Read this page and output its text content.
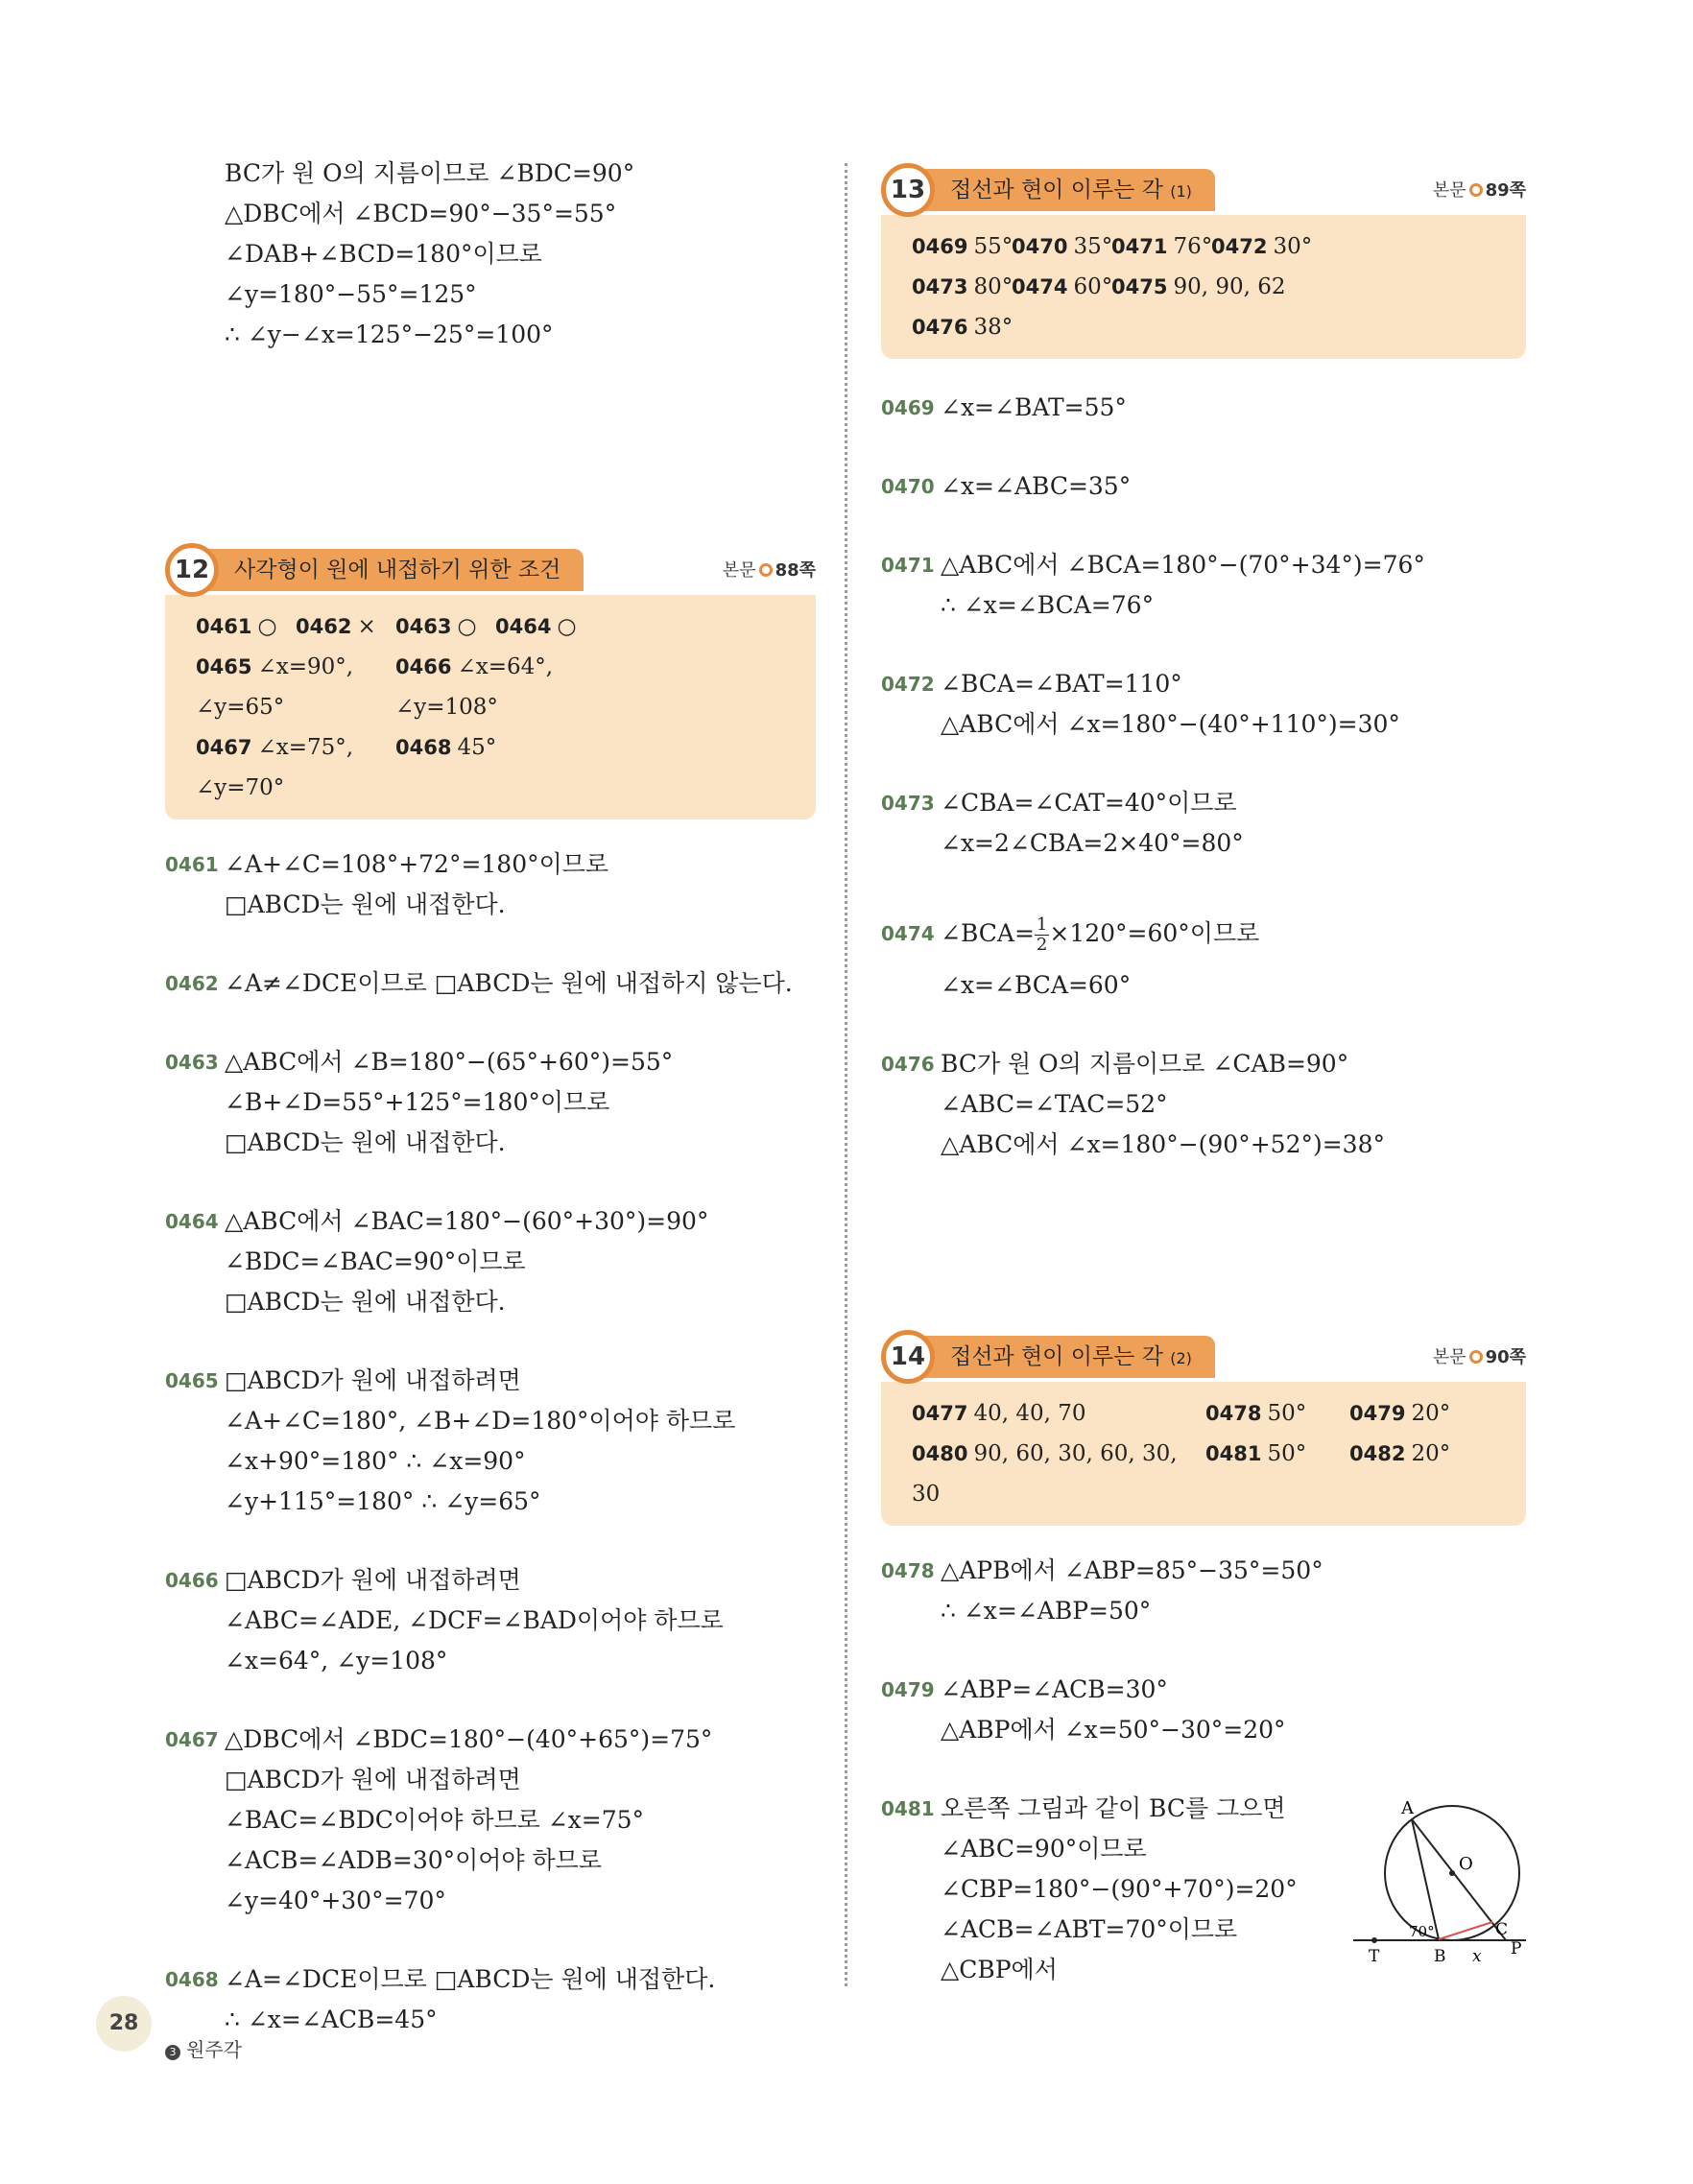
BC가 원 O의 지름이므로 ∠BDC=90°
△DBC에서 ∠BCD=90°−35°=55°
∠DAB+∠BCD=180°이므로
∠y=180°−55°=125°
∴ ∠y−∠x=125°−25°=100°
12	사각형이 원에 내접하기 위한 조건	본문 88쪽
0461 ○ 0462 × 0463 ○ 0464 ○
0465 ∠x=90°, ∠y=65°
0466 ∠x=64°, ∠y=108°
0467 ∠x=75°, ∠y=70°
0468 45°
0461 ∠A+∠C=108°+72°=180°이므로
□ABCD는 원에 내접한다.
0462 ∠A≠∠DCE이므로 □ABCD는 원에 내접하지 않는다.
0463 △ABC에서 ∠B=180°−(65°+60°)=55°
∠B+∠D=55°+125°=180°이므로
□ABCD는 원에 내접한다.
0464 △ABC에서 ∠BAC=180°−(60°+30°)=90°
∠BDC=∠BAC=90°이므로
□ABCD는 원에 내접한다.
0465 □ABCD가 원에 내접하려면
∠A+∠C=180°, ∠B+∠D=180°이어야 하므로
∠x+90°=180° ∴ ∠x=90°
∠y+115°=180° ∴ ∠y=65°
0466 □ABCD가 원에 내접하려면
∠ABC=∠ADE, ∠DCF=∠BAD이어야 하므로
∠x=64°, ∠y=108°
0467 △DBC에서 ∠BDC=180°−(40°+65°)=75°
□ABCD가 원에 내접하려면
∠BAC=∠BDC이어야 하므로 ∠x=75°
∠ACB=∠ADB=30°이어야 하므로
∠y=40°+30°=70°
0468 ∠A=∠DCE이므로 □ABCD는 원에 내접한다.
∴ ∠x=∠ACB=45°
13	접선과 현이 이루는 각 (1)	본문 89쪽
0469 55°
0470 35°
0471 76°
0472 30°
0473 80°
0474 60°
0475 90, 90, 62
0476 38°
0469 ∠x=∠BAT=55°
0470 ∠x=∠ABC=35°
0471 △ABC에서 ∠BCA=180°−(70°+34°)=76°
∴ ∠x=∠BCA=76°
0472 ∠BCA=∠BAT=110°
△ABC에서 ∠x=180°−(40°+110°)=30°
0473 ∠CBA=∠CAT=40°이므로
∠x=2∠CBA=2×40°=80°
0474 ∠BCA= $\frac{1}{2} \times 120^\circ=60^\circ$이므로
∠x=∠BCA=60°
0476 BC가 원 O의 지름이므로 ∠CAB=90°
∠ABC=∠TAC=52°
△ABC에서 ∠x=180°−(90°+52°)=38°
14	접선과 현이 이루는 각 (2)	본문 90쪽
0477 40, 40, 70	0478 50°	0479 20°
0480 90, 60, 30, 60, 30, 30
0481 50°	0482 20°
0478 △APB에서 ∠ABP=85°−35°=50°
∴ ∠x=∠ABP=50°
0479 ∠ABP=∠ACB=30°
△ABP에서 ∠x=50°−30°=20°
0481 오른쪽 그림과 같이 BC를 그으면
∠ABC=90°이므로
∠CBP=180°−(90°+70°)=20°
∠ACB=∠ABT=70°이므로
△CBP에서
A
O
70°	C
P
T	B x
28
3 원주각
